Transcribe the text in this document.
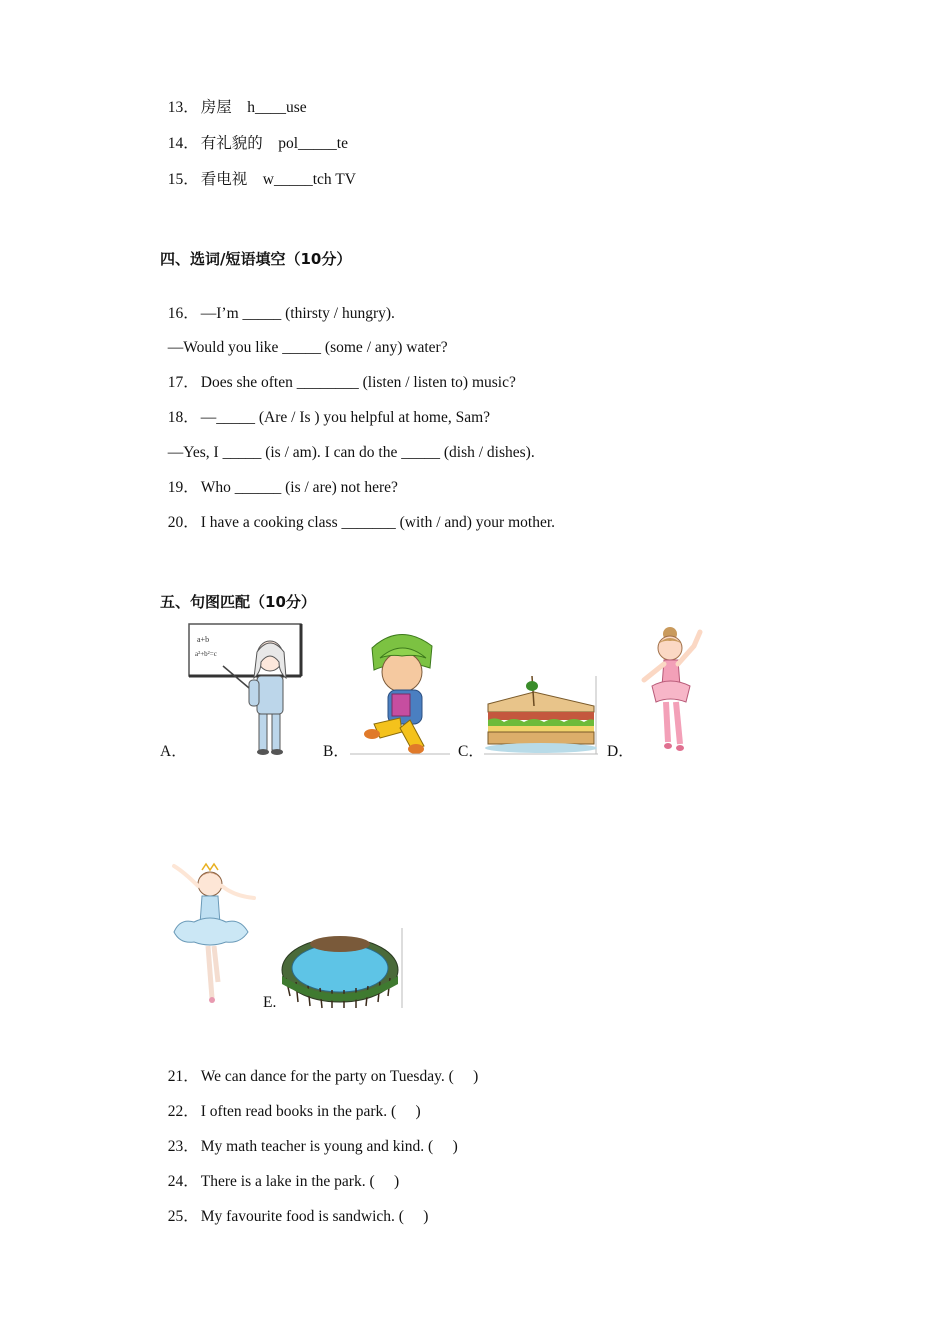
13． 房屋　h____use

14． 有礼貌的　pol_____te

15． 看电视　w_____tch TV

四、选词/短语填空（10分）

16． —I’m _____ (thirsty / hungry).

—Would you like _____ (some / any) water?

17． Does she often ________ (listen / listen to) music?

18． —_____ (Are / Is ) you helpful at home, Sam?

—Yes, I _____ (is / am). I can do the _____ (dish / dishes).

19． Who ______ (is / are) not here?

20． I have a cooking class _______ (with / and) your mother.

五、句图匹配（10分）
A．
a+b
a²+b²=c
B．	C．	D．
E.

21． We can dance for the party on Tuesday. (　 )

22． I often read books in the park. (　 )

23． My math teacher is young and kind. (　 )

24． There is a lake in the park. (　 )

25． My favourite food is sandwich. (　 )
